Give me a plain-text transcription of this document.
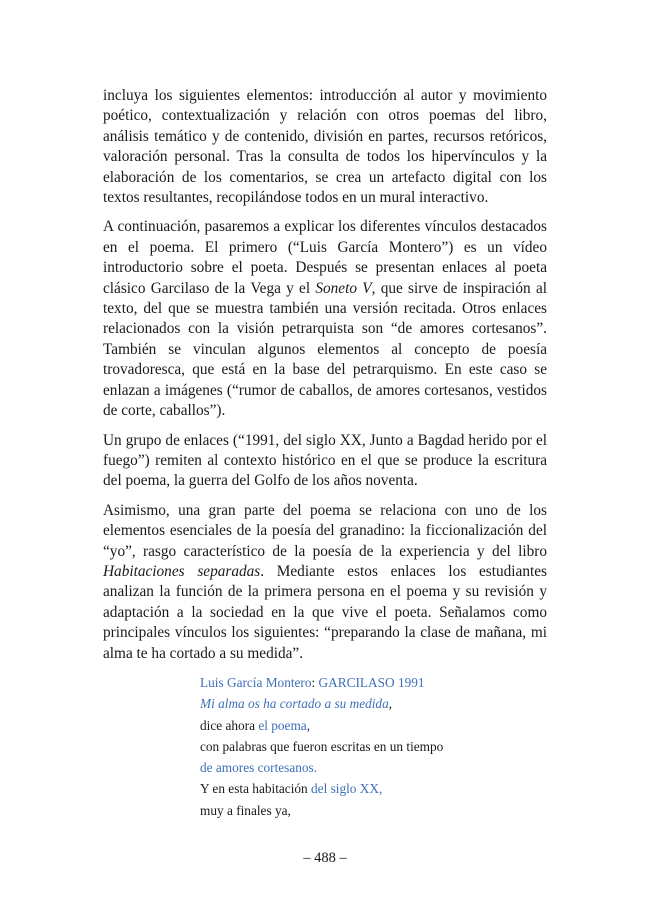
incluya los siguientes elementos: introducción al autor y movimiento poético, contextualización y relación con otros poemas del libro, análisis temático y de contenido, división en partes, recursos retóricos, valoración personal. Tras la consulta de todos los hipervínculos y la elaboración de los comentarios, se crea un artefacto digital con los textos resultantes, recopilándose todos en un mural interactivo.

A continuación, pasaremos a explicar los diferentes vínculos destacados en el poema. El primero (“Luis García Montero”) es un vídeo introductorio sobre el poeta. Después se presentan enlaces al poeta clásico Garcilaso de la Vega y el Soneto V, que sirve de inspiración al texto, del que se muestra también una versión recitada. Otros enlaces relacionados con la visión petrarquista son “de amores cortesanos”. También se vinculan algunos elementos al concepto de poesía trovadoresca, que está en la base del petrarquismo. En este caso se enlazan a imágenes (“rumor de caballos, de amores cortesanos, vestidos de corte, caballos”).

Un grupo de enlaces (“1991, del siglo XX, Junto a Bagdad herido por el fuego”) remiten al contexto histórico en el que se produce la escritura del poema, la guerra del Golfo de los años noventa.

Asimismo, una gran parte del poema se relaciona con uno de los elementos esenciales de la poesía del granadino: la ficcionalización del “yo”, rasgo característico de la poesía de la experiencia y del libro Habitaciones separadas. Mediante estos enlaces los estudiantes analizan la función de la primera persona en el poema y su revisión y adaptación a la sociedad en la que vive el poeta. Señalamos como principales vínculos los siguientes: “preparando la clase de mañana, mi alma te ha cortado a su medida”.

Luis García Montero: GARCILASO 1991
Mi alma os ha cortado a su medida,
dice ahora el poema,
con palabras que fueron escritas en un tiempo
de amores cortesanos.
Y en esta habitación del siglo XX,
muy a finales ya,
– 488 –
